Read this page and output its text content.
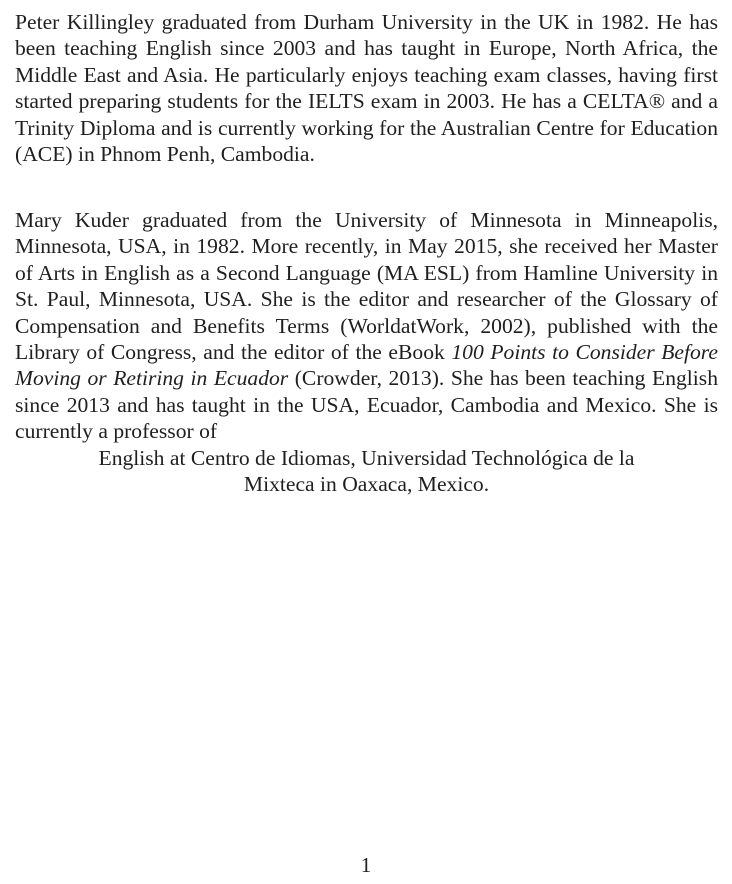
Peter Killingley graduated from Durham University in the UK in 1982. He has been teaching English since 2003 and has taught in Europe, North Africa, the Middle East and Asia. He particularly enjoys teaching exam classes, having first started preparing students for the IELTS exam in 2003. He has a CELTA® and a Trinity Diploma and is currently working for the Australian Centre for Education (ACE) in Phnom Penh, Cambodia.

Mary Kuder graduated from the University of Minnesota in Minneapolis, Minnesota, USA, in 1982. More recently, in May 2015, she received her Master of Arts in English as a Second Language (MA ESL) from Hamline University in St. Paul, Minnesota, USA. She is the editor and researcher of the Glossary of Compensation and Benefits Terms (WorldatWork, 2002), published with the Library of Congress, and the editor of the eBook 100 Points to Consider Before Moving or Retiring in Ecuador (Crowder, 2013). She has been teaching English since 2013 and has taught in the USA, Ecuador, Cambodia and Mexico. She is currently a professor of
English at Centro de Idiomas, Universidad Technológica de la
Mixteca in Oaxaca, Mexico.

1
